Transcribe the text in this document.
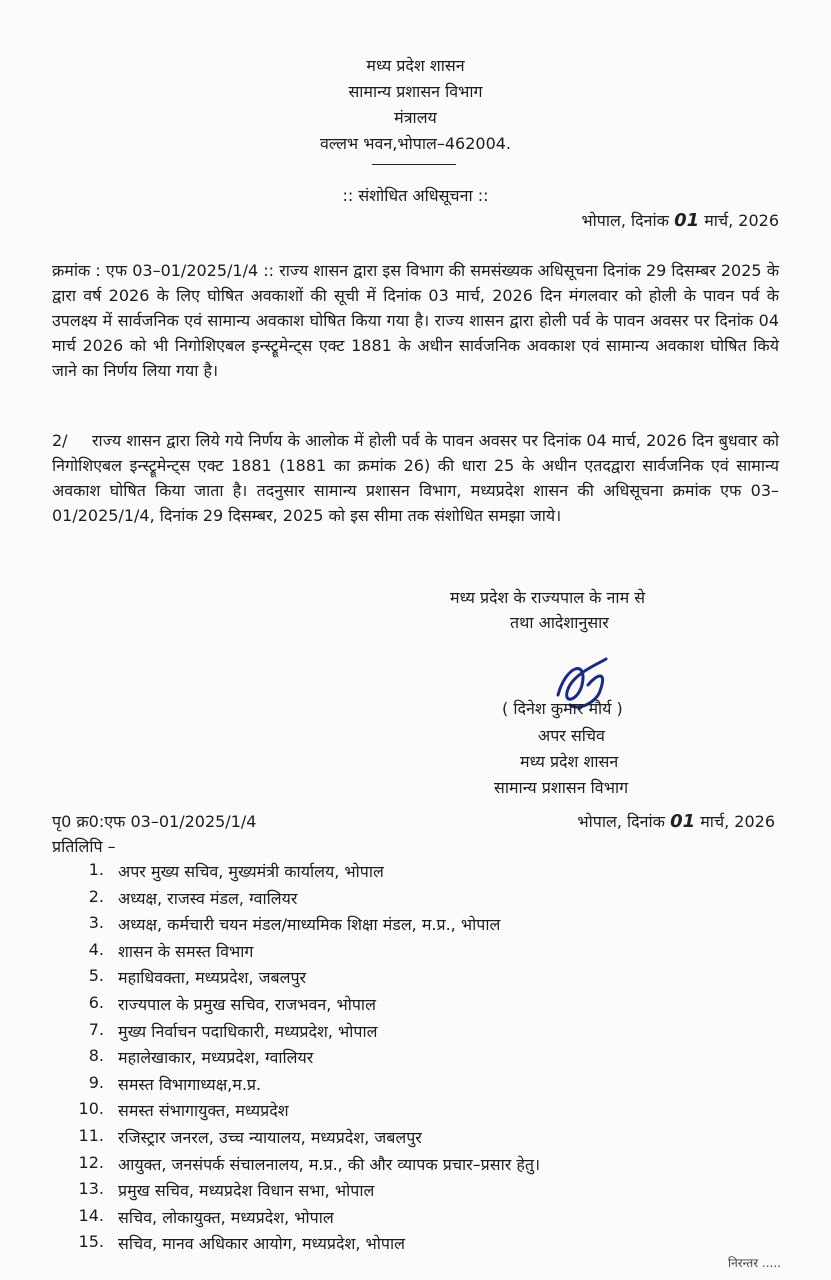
मध्य प्रदेश शासन
सामान्य प्रशासन विभाग
मंत्रालय
वल्लभ भवन,भोपाल–462004.
:: संशोधित अधिसूचना ::
भोपाल, दिनांक 01 मार्च, 2026
क्रमांक : एफ 03–01/2025/1/4 :: राज्य शासन द्वारा इस विभाग की समसंख्यक अधिसूचना दिनांक 29 दिसम्बर 2025 के द्वारा वर्ष 2026 के लिए घोषित अवकाशों की सूची में दिनांक 03 मार्च, 2026 दिन मंगलवार को होली के पावन पर्व के उपलक्ष्य में सार्वजनिक एवं सामान्य अवकाश घोषित किया गया है। राज्य शासन द्वारा होली पर्व के पावन अवसर पर दिनांक 04 मार्च 2026 को भी निगोशिएबल इन्स्ट्रूमेन्ट्स एक्ट 1881 के अधीन सार्वजनिक अवकाश एवं सामान्य अवकाश घोषित किये जाने का निर्णय लिया गया है।
2/ राज्य शासन द्वारा लिये गये निर्णय के आलोक में होली पर्व के पावन अवसर पर दिनांक 04 मार्च, 2026 दिन बुधवार को निगोशिएबल इन्स्ट्रूमेन्ट्स एक्ट 1881 (1881 का क्रमांक 26) की धारा 25 के अधीन एतदद्वारा सार्वजनिक एवं सामान्य अवकाश घोषित किया जाता है। तदनुसार सामान्य प्रशासन विभाग, मध्यप्रदेश शासन की अधिसूचना क्रमांक एफ 03–01/2025/1/4, दिनांक 29 दिसम्बर, 2025 को इस सीमा तक संशोधित समझा जाये।
मध्य प्रदेश के राज्यपाल के नाम से
तथा आदेशानुसार
( दिनेश कुमार मौर्य )
अपर सचिव
मध्य प्रदेश शासन
सामान्य प्रशासन विभाग
पृ0 क्र0:एफ 03–01/2025/1/4	भोपाल, दिनांक 01 मार्च, 2026
प्रतिलिपि –
1. अपर मुख्य सचिव, मुख्यमंत्री कार्यालय, भोपाल
2. अध्यक्ष, राजस्व मंडल, ग्वालियर
3. अध्यक्ष, कर्मचारी चयन मंडल/माध्यमिक शिक्षा मंडल, म.प्र., भोपाल
4. शासन के समस्त विभाग
5. महाधिवक्ता, मध्यप्रदेश, जबलपुर
6. राज्यपाल के प्रमुख सचिव, राजभवन, भोपाल
7. मुख्य निर्वाचन पदाधिकारी, मध्यप्रदेश, भोपाल
8. महालेखाकार, मध्यप्रदेश, ग्वालियर
9. समस्त विभागाध्यक्ष,म.प्र.
10. समस्त संभागायुक्त, मध्यप्रदेश
11. रजिस्ट्रार जनरल, उच्च न्यायालय, मध्यप्रदेश, जबलपुर
12. आयुक्त, जनसंपर्क संचालनालय, म.प्र., की और व्यापक प्रचार–प्रसार हेतु।
13. प्रमुख सचिव, मध्यप्रदेश विधान सभा, भोपाल
14. सचिव, लोकायुक्त, मध्यप्रदेश, भोपाल
15. सचिव, मानव अधिकार आयोग, मध्यप्रदेश, भोपाल
निरन्तर .....
